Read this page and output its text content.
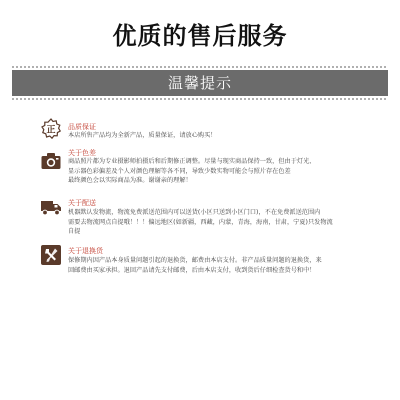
优质的售后服务
温馨提示
正 品质保证
本店所售产品均为全新产品，质量保证，请放心购买！
关于色差
商品照片都为专业摄影师拍摄后和后期修正调整。尽量与现实商品保持一致，但由于灯光、
显示器色彩偏差及个人对颜色理解等各不同，导致少数实物可能会与照片存在色差
最终颜色会以实际商品为准。谢谢亲的理解！
关于配送
机器默认发物流，物流免费派送范围内可以送货(小区只送到小区门口)，不在免费派送范围内
需要去物流网点自提哦！！！偏远地区(如新疆，西藏，内蒙，青海，海南，甘肃，宁夏)只发物流
自提
关于退换货
保修期内因产品本身质量问题引起的退换货，邮费由本店支付。非产品质量问题的退换货，来
回邮费由买家承担。退回产品请先支付邮费，后由本店支付，收到货后仔细检查货号和中！
